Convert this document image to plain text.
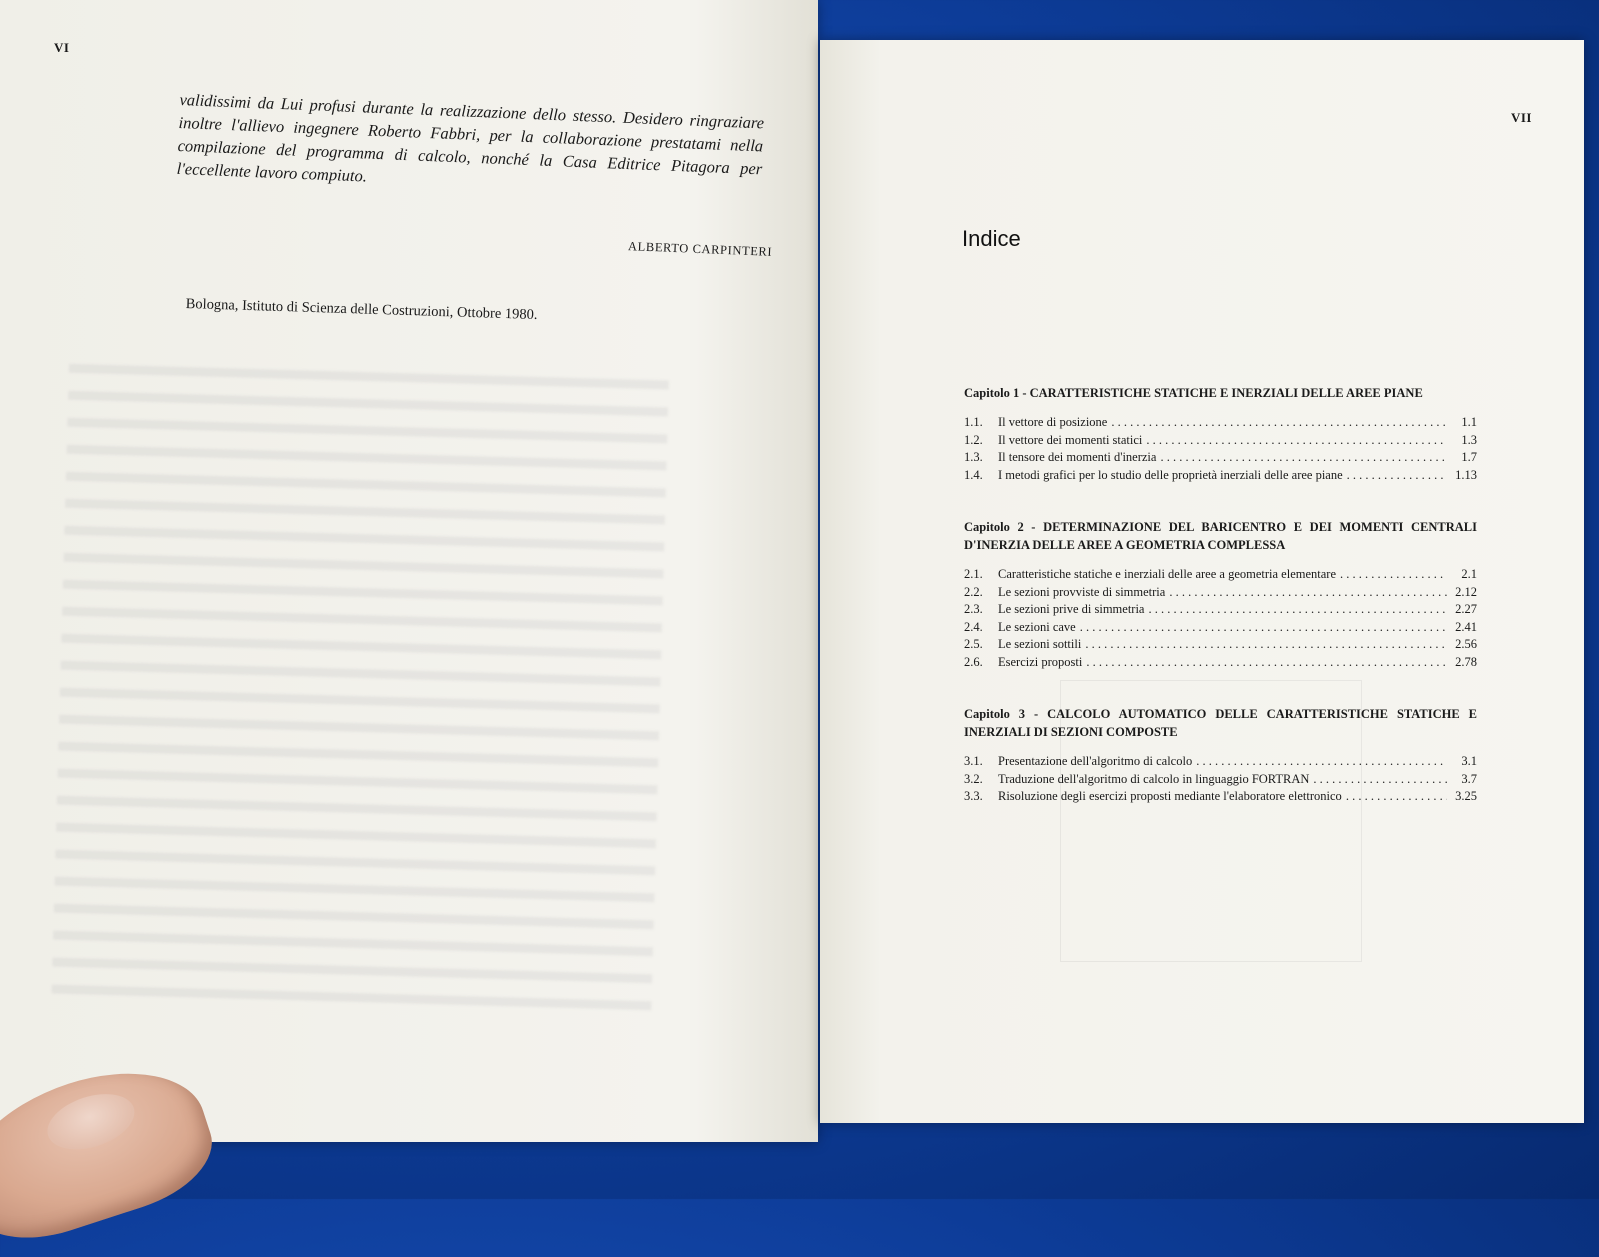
VI
validissimi da Lui profusi durante la realizzazione dello stesso. Desidero ringraziare inoltre l'allievo ingegnere Roberto Fabbri, per la collaborazione prestatami nella compilazione del programma di calcolo, nonché la Casa Editrice Pitagora per l'eccellente lavoro compiuto.
ALBERTO CARPINTERI
Bologna, Istituto di Scienza delle Costruzioni, Ottobre 1980.
VII
Indice
Capitolo 1 - CARATTERISTICHE STATICHE E INERZIALI DELLE AREE PIANE
1.1.	Il vettore di posizione . . .	1.1
1.2.	Il vettore dei momenti statici . . .	1.3
1.3.	Il tensore dei momenti d'inerzia . . .	1.7
1.4.	I metodi grafici per lo studio delle proprietà inerziali delle aree piane . . .	1.13
Capitolo 2 - DETERMINAZIONE DEL BARICENTRO E DEI MOMENTI CENTRALI D'INERZIA DELLE AREE A GEOMETRIA COMPLESSA
2.1.	Caratteristiche statiche e inerziali delle aree a geometria elementare . . .	2.1
2.2.	Le sezioni provviste di simmetria . . .	2.12
2.3.	Le sezioni prive di simmetria . . .	2.27
2.4.	Le sezioni cave . . .	2.41
2.5.	Le sezioni sottili . . .	2.56
2.6.	Esercizi proposti . . .	2.78
Capitolo 3 - CALCOLO AUTOMATICO DELLE CARATTERISTICHE STATICHE E INERZIALI DI SEZIONI COMPOSTE
3.1.	Presentazione dell'algoritmo di calcolo . . .	3.1
3.2.	Traduzione dell'algoritmo di calcolo in linguaggio FORTRAN . . .	3.7
3.3.	Risoluzione degli esercizi proposti mediante l'elaboratore elettronico . . .	3.25
